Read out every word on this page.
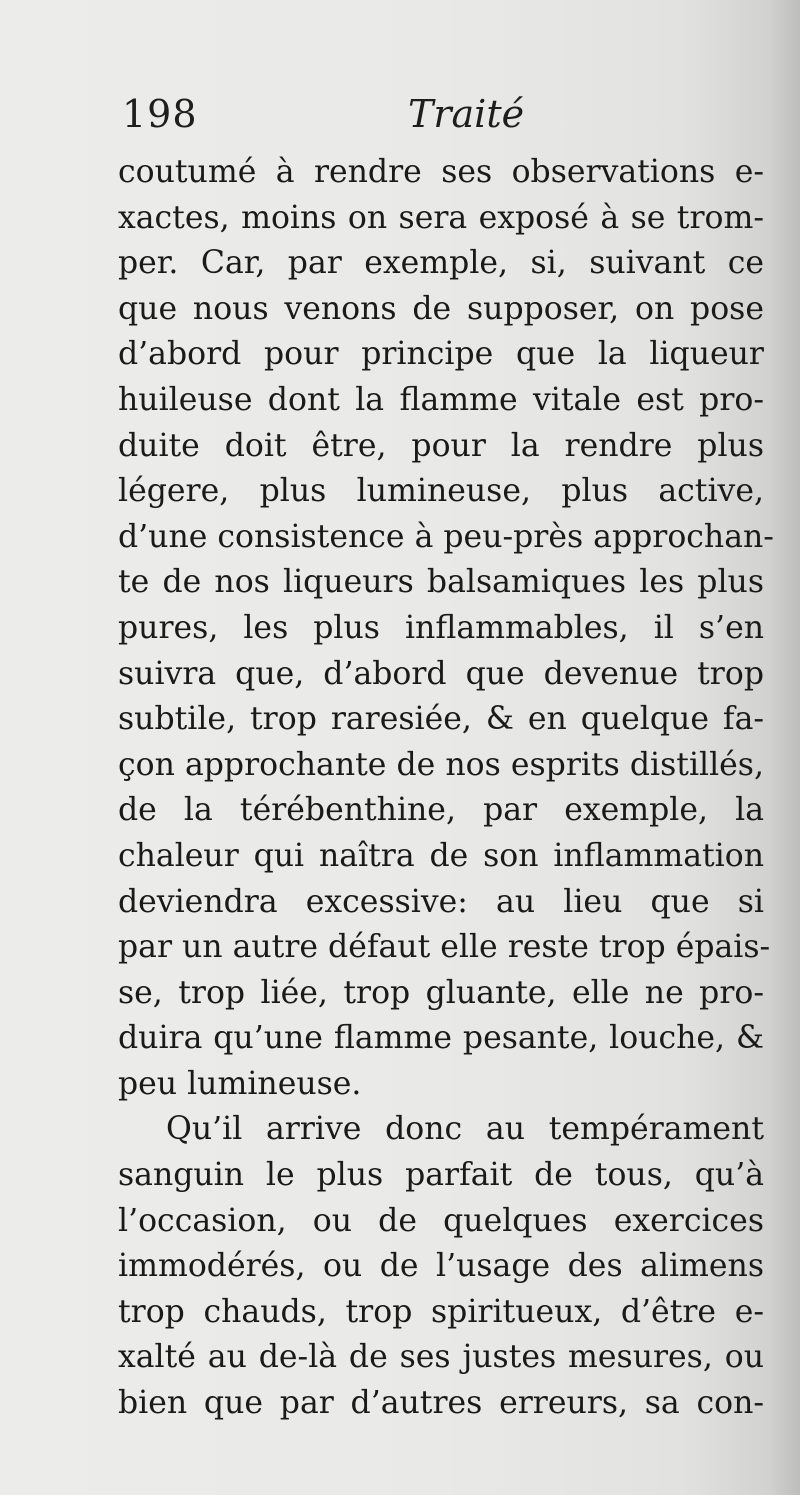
198	Traité
coutumé à rendre ses observations e-
xactes, moins on sera exposé à se trom-
per. Car, par exemple, si, suivant ce
que nous venons de supposer, on pose
d’abord pour principe que la liqueur
huileuse dont la flamme vitale est pro-
duite doit être, pour la rendre plus
légere, plus lumineuse, plus active,
d’une consistence à peu-près approchan-
te de nos liqueurs balsamiques les plus
pures, les plus inflammables, il s’en
suivra que, d’abord que devenue trop
subtile, trop raresiée, & en quelque fa-
çon approchante de nos esprits distillés,
de la térébenthine, par exemple, la
chaleur qui naîtra de son inflammation
deviendra excessive: au lieu que si
par un autre défaut elle reste trop épais-
se, trop liée, trop gluante, elle ne pro-
duira qu’une flamme pesante, louche, &
peu lumineuse.
Qu’il arrive donc au tempérament
sanguin le plus parfait de tous, qu’à
l’occasion, ou de quelques exercices
immodérés, ou de l’usage des alimens
trop chauds, trop spiritueux, d’être e-
xalté au de-là de ses justes mesures, ou
bien que par d’autres erreurs, sa con-
